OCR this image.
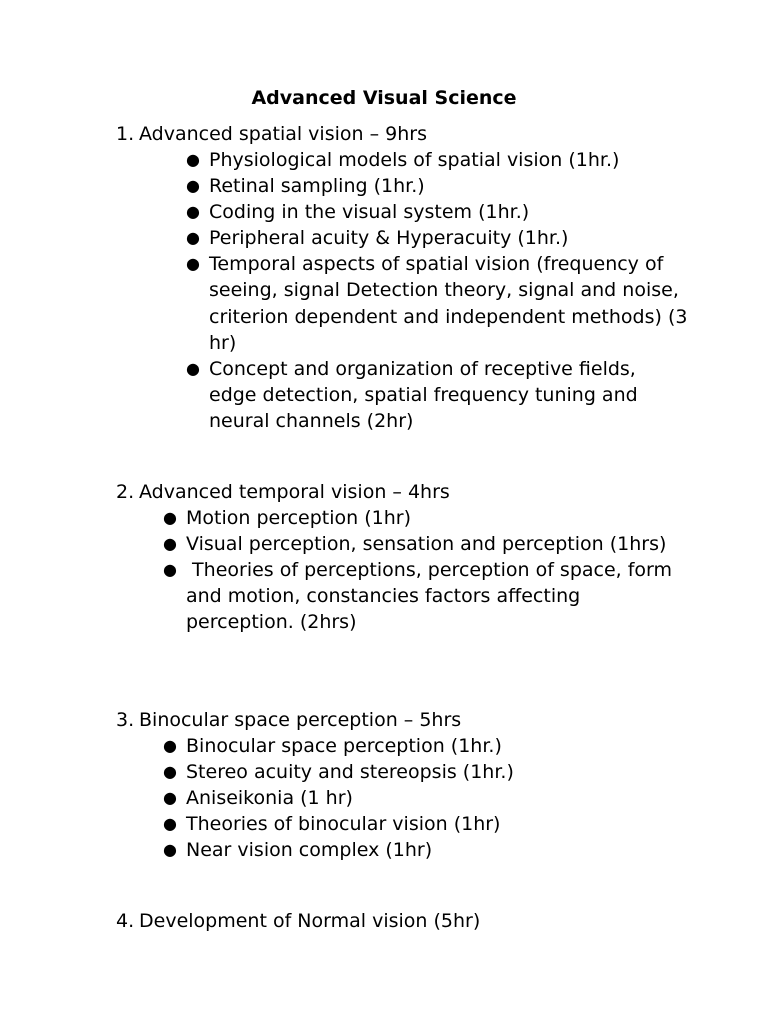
Advanced Visual Science
1. Advanced spatial vision – 9hrs
● Physiological models of spatial vision (1hr.)
● Retinal sampling (1hr.)
● Coding in the visual system (1hr.)
● Peripheral acuity & Hyperacuity (1hr.)
● Temporal aspects of spatial vision (frequency of seeing, signal Detection theory, signal and noise, criterion dependent and independent methods) (3 hr)
● Concept and organization of receptive fields, edge detection, spatial frequency tuning and neural channels (2hr)
2. Advanced temporal vision – 4hrs
● Motion perception (1hr)
● Visual perception, sensation and perception (1hrs)
● Theories of perceptions, perception of space, form and motion, constancies factors affecting perception. (2hrs)
3. Binocular space perception – 5hrs
● Binocular space perception (1hr.)
● Stereo acuity and stereopsis (1hr.)
● Aniseikonia (1 hr)
● Theories of binocular vision (1hr)
● Near vision complex (1hr)
4. Development of Normal vision (5hr)
